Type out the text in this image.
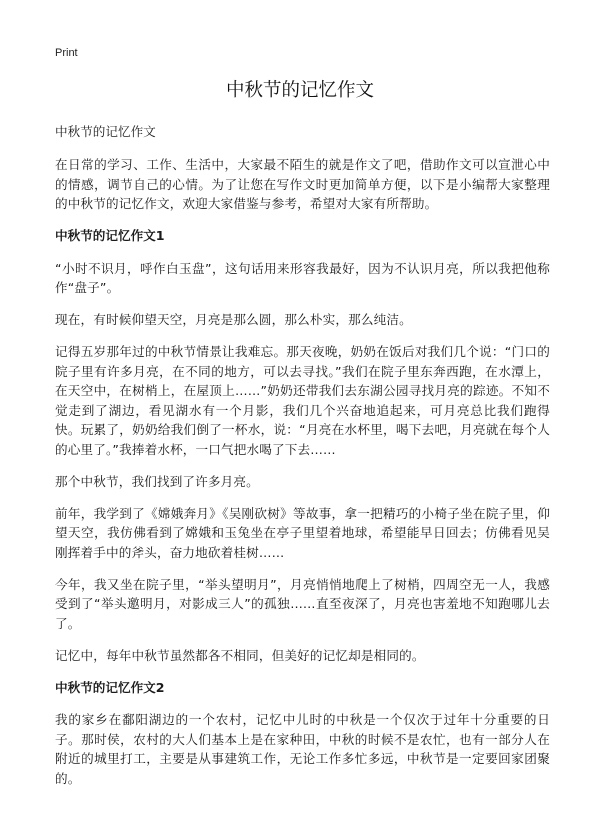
Print
中秋节的记忆作文
中秋节的记忆作文

在日常的学习、工作、生活中，大家最不陌生的就是作文了吧，借助作文可以宣泄心中的情感，调节自己的心情。为了让您在写作文时更加简单方便，以下是小编帮大家整理的中秋节的记忆作文，欢迎大家借鉴与参考，希望对大家有所帮助。

中秋节的记忆作文1

“小时不识月，呼作白玉盘”，这句话用来形容我最好，因为不认识月亮，所以我把他称作“盘子”。

现在，有时候仰望天空，月亮是那么圆，那么朴实，那么纯洁。

记得五岁那年过的中秋节情景让我难忘。那天夜晚，奶奶在饭后对我们几个说：“门口的院子里有许多月亮，在不同的地方，可以去寻找。”我们在院子里东奔西跑，在水潭上，在天空中，在树梢上，在屋顶上……”奶奶还带我们去东湖公园寻找月亮的踪迹。不知不觉走到了湖边，看见湖水有一个月影，我们几个兴奋地追起来，可月亮总比我们跑得快。玩累了，奶奶给我们倒了一杯水，说：“月亮在水杯里，喝下去吧，月亮就在每个人的心里了。”我捧着水杯，一口气把水喝了下去……

那个中秋节，我们找到了许多月亮。

前年，我学到了《嫦娥奔月》《吴刚砍树》等故事，拿一把精巧的小椅子坐在院子里，仰望天空，我仿佛看到了嫦娥和玉兔坐在亭子里望着地球，希望能早日回去；仿佛看见吴刚挥着手中的斧头，奋力地砍着桂树……

今年，我又坐在院子里，“举头望明月”，月亮悄悄地爬上了树梢，四周空无一人，我感受到了“举头邀明月，对影成三人”的孤独……直至夜深了，月亮也害羞地不知跑哪儿去了。

记忆中，每年中秋节虽然都各不相同，但美好的记忆却是相同的。

中秋节的记忆作文2

我的家乡在鄱阳湖边的一个农村，记忆中儿时的中秋是一个仅次于过年十分重要的日子。那时侯，农村的大人们基本上是在家种田，中秋的时候不是农忙，也有一部分人在附近的城里打工，主要是从事建筑工作，无论工作多忙多远，中秋节是一定要回家团聚的。
